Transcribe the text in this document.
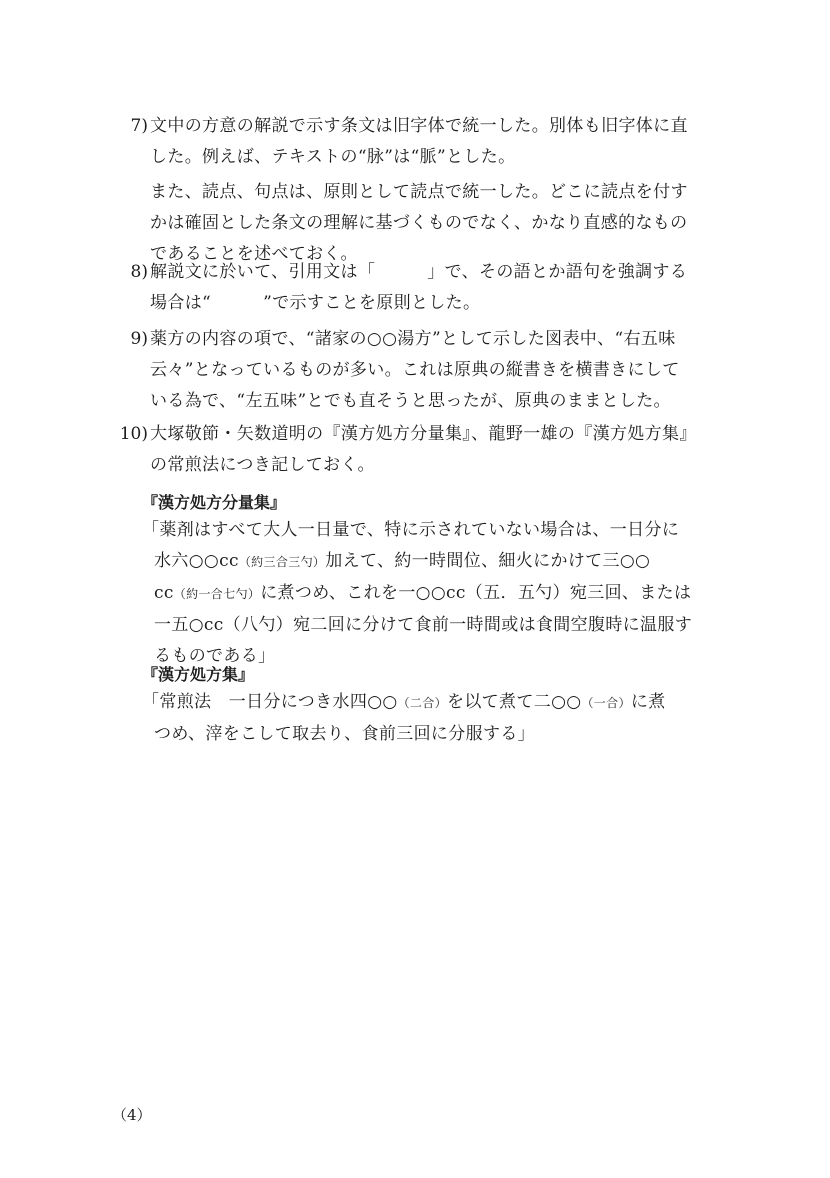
7) 文中の方意の解説で示す条文は旧字体で統一した。別体も旧字体に直
した。例えば、テキストの“脉”は“脈”とした。

また、読点、句点は、原則として読点で統一した。どこに読点を付す
かは確固とした条文の理解に基づくものでなく、かなり直感的なもの
であることを述べておく。

8) 解説文に於いて、引用文は「　　　」で、その語とか語句を強調する
場合は“　　　”で示すことを原則とした。

9) 薬方の内容の項で、“諸家の○○湯方”として示した図表中、“右五味
云々”となっているものが多い。これは原典の縦書きを横書きにして
いる為で、“左五味”とでも直そうと思ったが、原典のままとした。

10) 大塚敬節・矢数道明の『漢方処方分量集』、龍野一雄の『漢方処方集』
の常煎法につき記しておく。

『漢方処方分量集』

「薬剤はすべて大人一日量で、特に示されていない場合は、一日分に

水六○○cc（約三合三勺）加えて、約一時間位、細火にかけて三○○

cc（約一合七勺）に煮つめ、これを一○○cc（五．五勺）宛三回、または

一五○cc（八勺）宛二回に分けて食前一時間或は食間空腹時に温服す

るものである」

『漢方処方集』

「常煎法　一日分につき水四○○（二合）を以て煮て二○○（一合）に煮

つめ、滓をこして取去り、食前三回に分服する」

（4）
